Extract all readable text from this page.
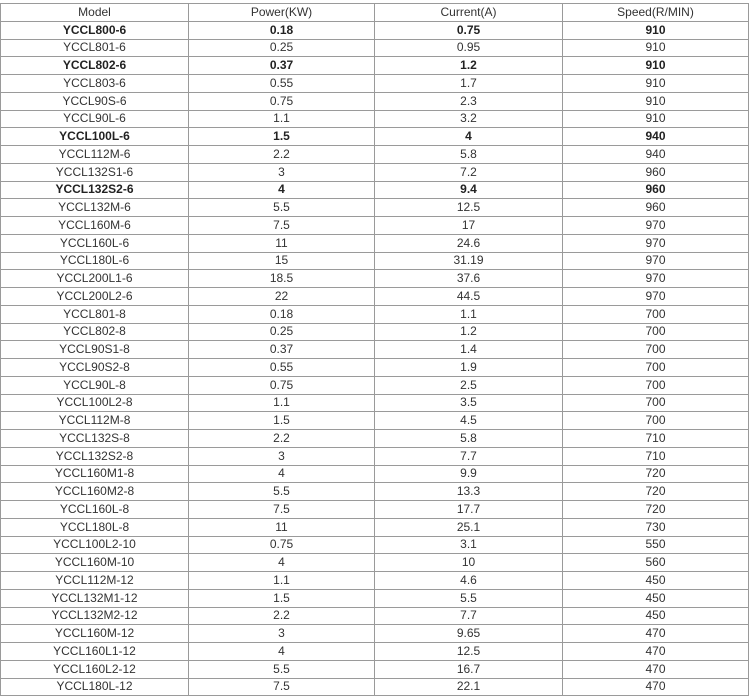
Model	Power(KW)	Current(A)	Speed(R/MIN)
YCCL800-6	0.18	0.75	910
YCCL801-6	0.25	0.95	910
YCCL802-6	0.37	1.2	910
YCCL803-6	0.55	1.7	910
YCCL90S-6	0.75	2.3	910
YCCL90L-6	1.1	3.2	910
YCCL100L-6	1.5	4	940
YCCL112M-6	2.2	5.8	940
YCCL132S1-6	3	7.2	960
YCCL132S2-6	4	9.4	960
YCCL132M-6	5.5	12.5	960
YCCL160M-6	7.5	17	970
YCCL160L-6	11	24.6	970
YCCL180L-6	15	31.19	970
YCCL200L1-6	18.5	37.6	970
YCCL200L2-6	22	44.5	970
YCCL801-8	0.18	1.1	700
YCCL802-8	0.25	1.2	700
YCCL90S1-8	0.37	1.4	700
YCCL90S2-8	0.55	1.9	700
YCCL90L-8	0.75	2.5	700
YCCL100L2-8	1.1	3.5	700
YCCL112M-8	1.5	4.5	700
YCCL132S-8	2.2	5.8	710
YCCL132S2-8	3	7.7	710
YCCL160M1-8	4	9.9	720
YCCL160M2-8	5.5	13.3	720
YCCL160L-8	7.5	17.7	720
YCCL180L-8	11	25.1	730
YCCL100L2-10	0.75	3.1	550
YCCL160M-10	4	10	560
YCCL112M-12	1.1	4.6	450
YCCL132M1-12	1.5	5.5	450
YCCL132M2-12	2.2	7.7	450
YCCL160M-12	3	9.65	470
YCCL160L1-12	4	12.5	470
YCCL160L2-12	5.5	16.7	470
YCCL180L-12	7.5	22.1	470
